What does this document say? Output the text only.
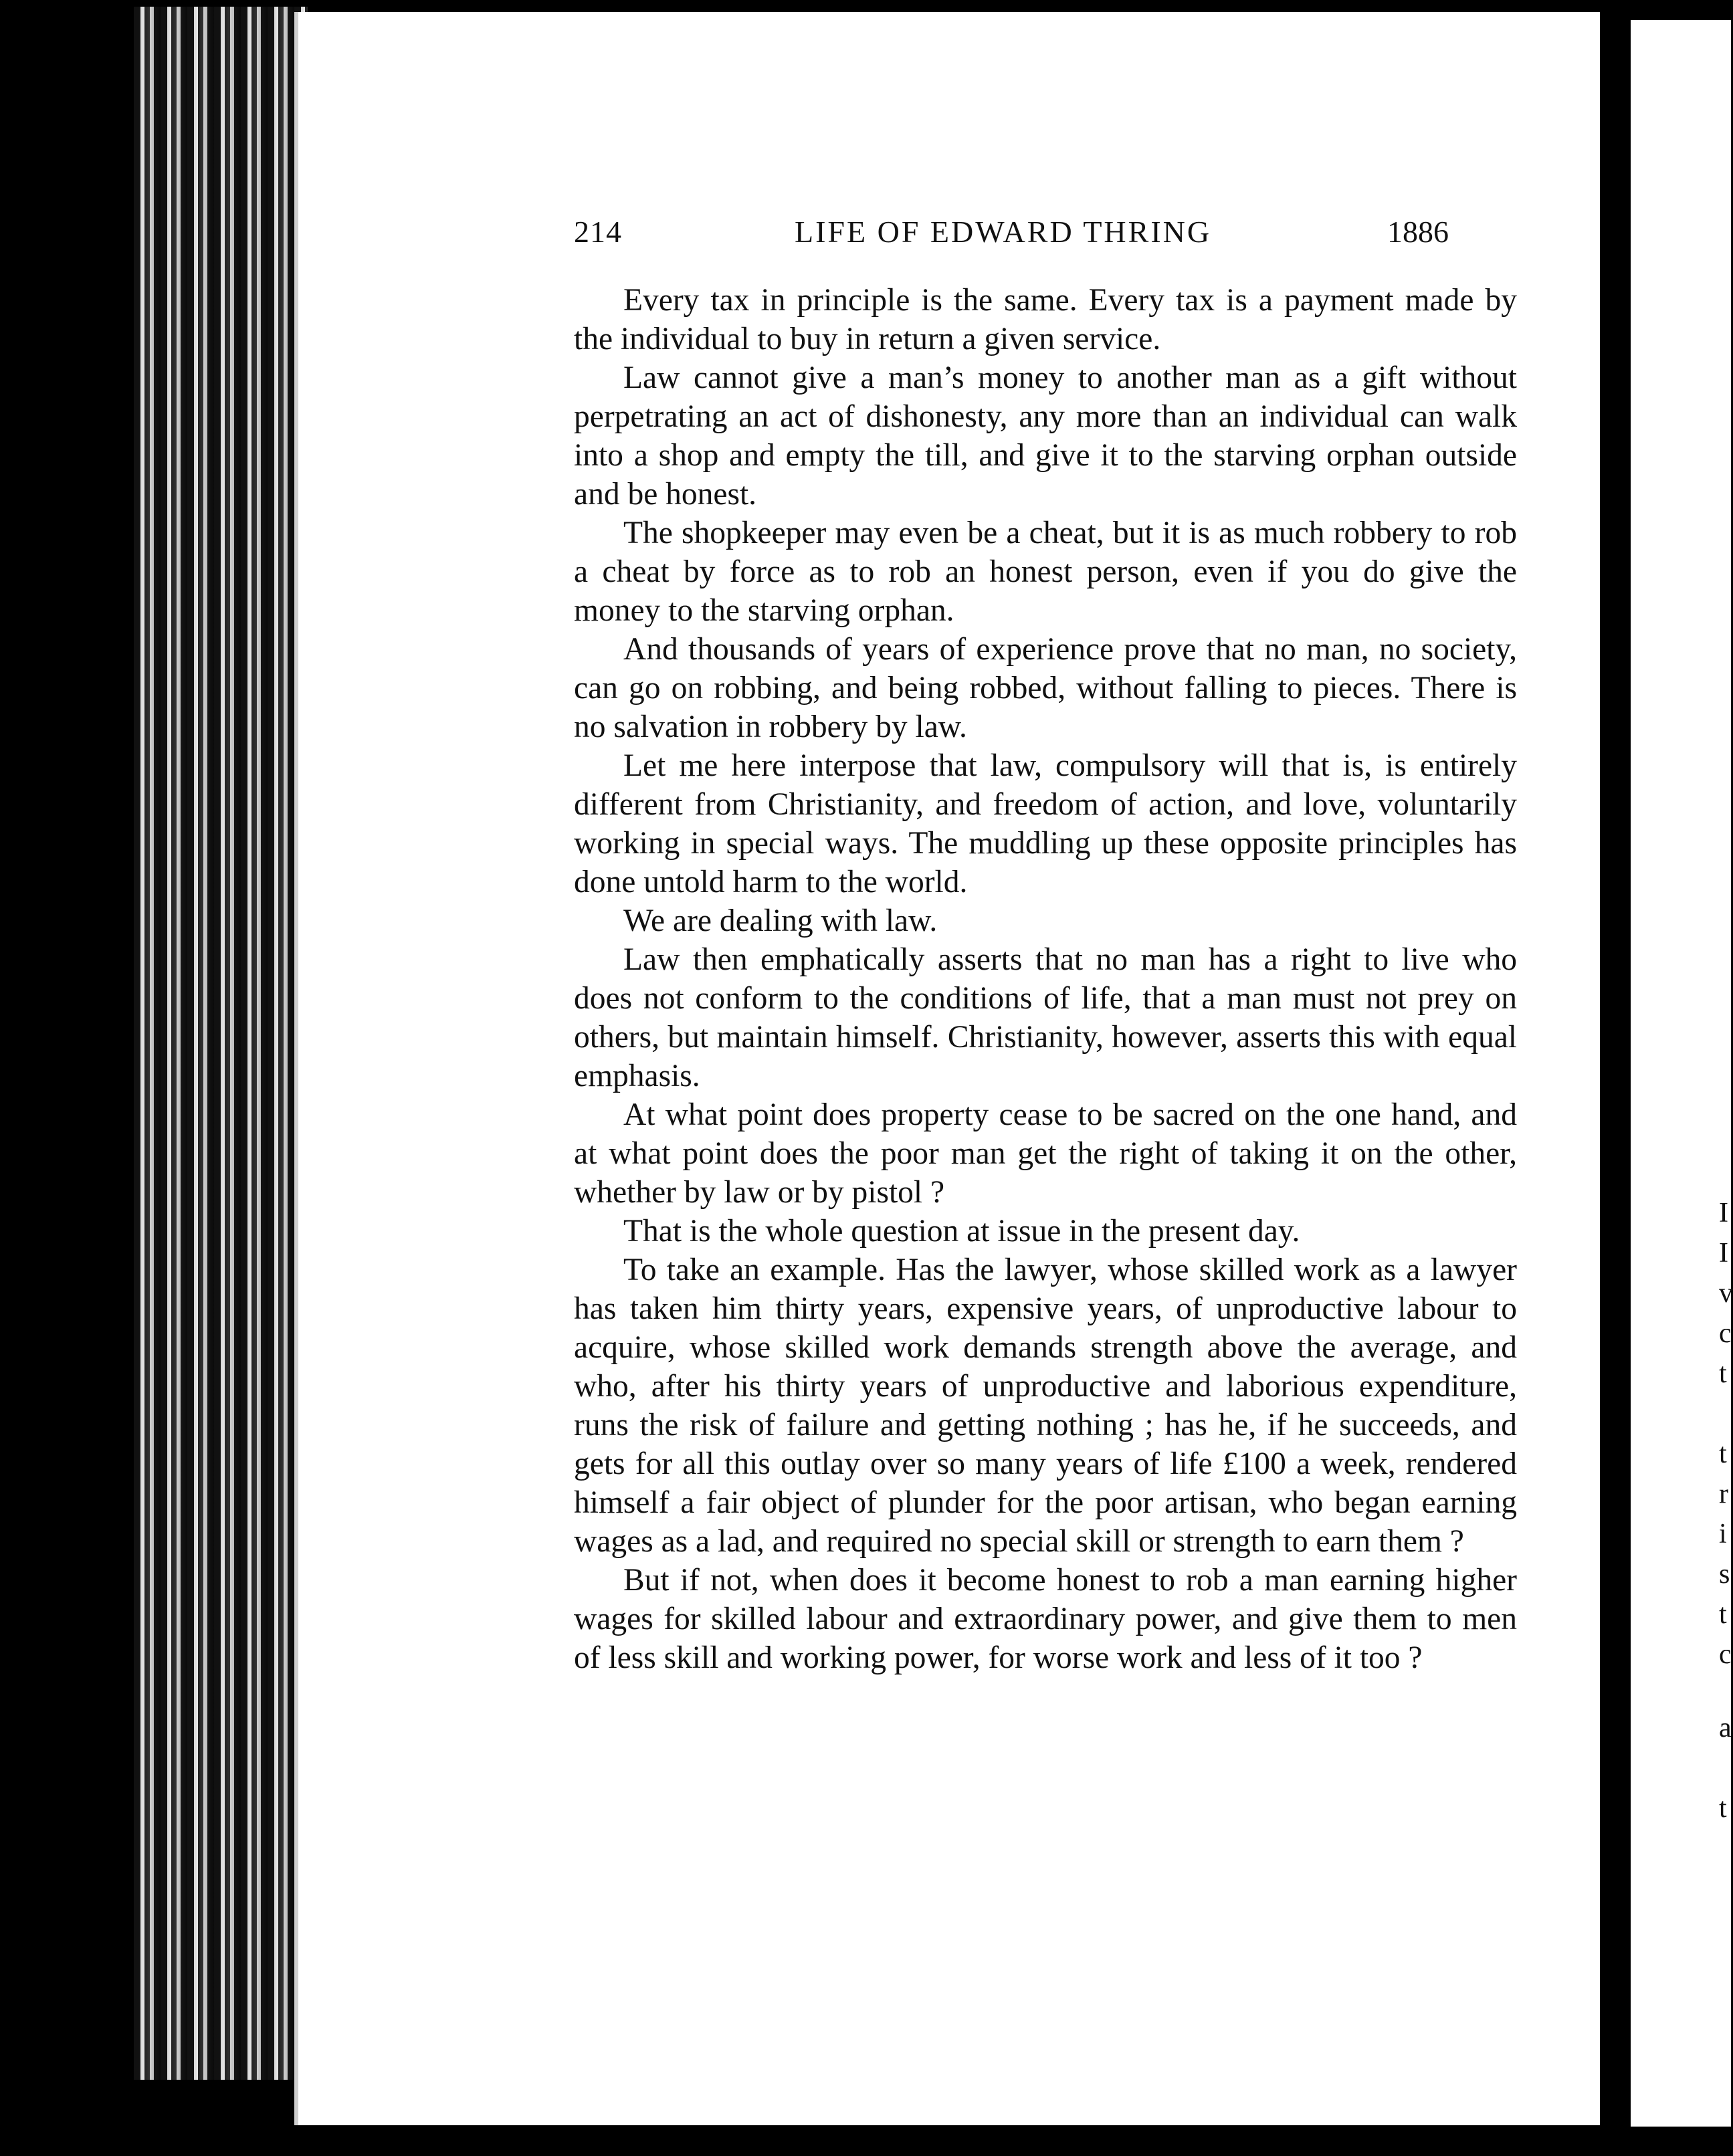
214	LIFE OF EDWARD THRING	1886

Every tax in principle is the same. Every tax is a payment made by the individual to buy in return a given service.

Law cannot give a man’s money to another man as a gift without perpetrating an act of dishonesty, any more than an individual can walk into a shop and empty the till, and give it to the starving orphan outside and be honest.

The shopkeeper may even be a cheat, but it is as much robbery to rob a cheat by force as to rob an honest person, even if you do give the money to the starving orphan.

And thousands of years of experience prove that no man, no society, can go on robbing, and being robbed, without falling to pieces. There is no salvation in robbery by law.

Let me here interpose that law, compulsory will that is, is entirely different from Christianity, and freedom of action, and love, voluntarily working in special ways. The muddling up these opposite principles has done untold harm to the world.

We are dealing with law.

Law then emphatically asserts that no man has a right to live who does not conform to the conditions of life, that a man must not prey on others, but maintain himself. Christianity, however, asserts this with equal emphasis.

At what point does property cease to be sacred on the one hand, and at what point does the poor man get the right of taking it on the other, whether by law or by pistol ?

That is the whole question at issue in the present day.

To take an example. Has the lawyer, whose skilled work as a lawyer has taken him thirty years, expensive years, of unproductive labour to acquire, whose skilled work demands strength above the average, and who, after his thirty years of unproductive and laborious expenditure, runs the risk of failure and getting nothing ; has he, if he succeeds, and gets for all this outlay over so many years of life £100 a week, rendered himself a fair object of plunder for the poor artisan, who began earning wages as a lad, and required no special skill or strength to earn them ?

But if not, when does it become honest to rob a man earning higher wages for skilled labour and extraordinary power, and give them to men of less skill and working power, for worse work and less of it too ?

I
I
v
c
t
t
r
i
s
t
c
a
t
